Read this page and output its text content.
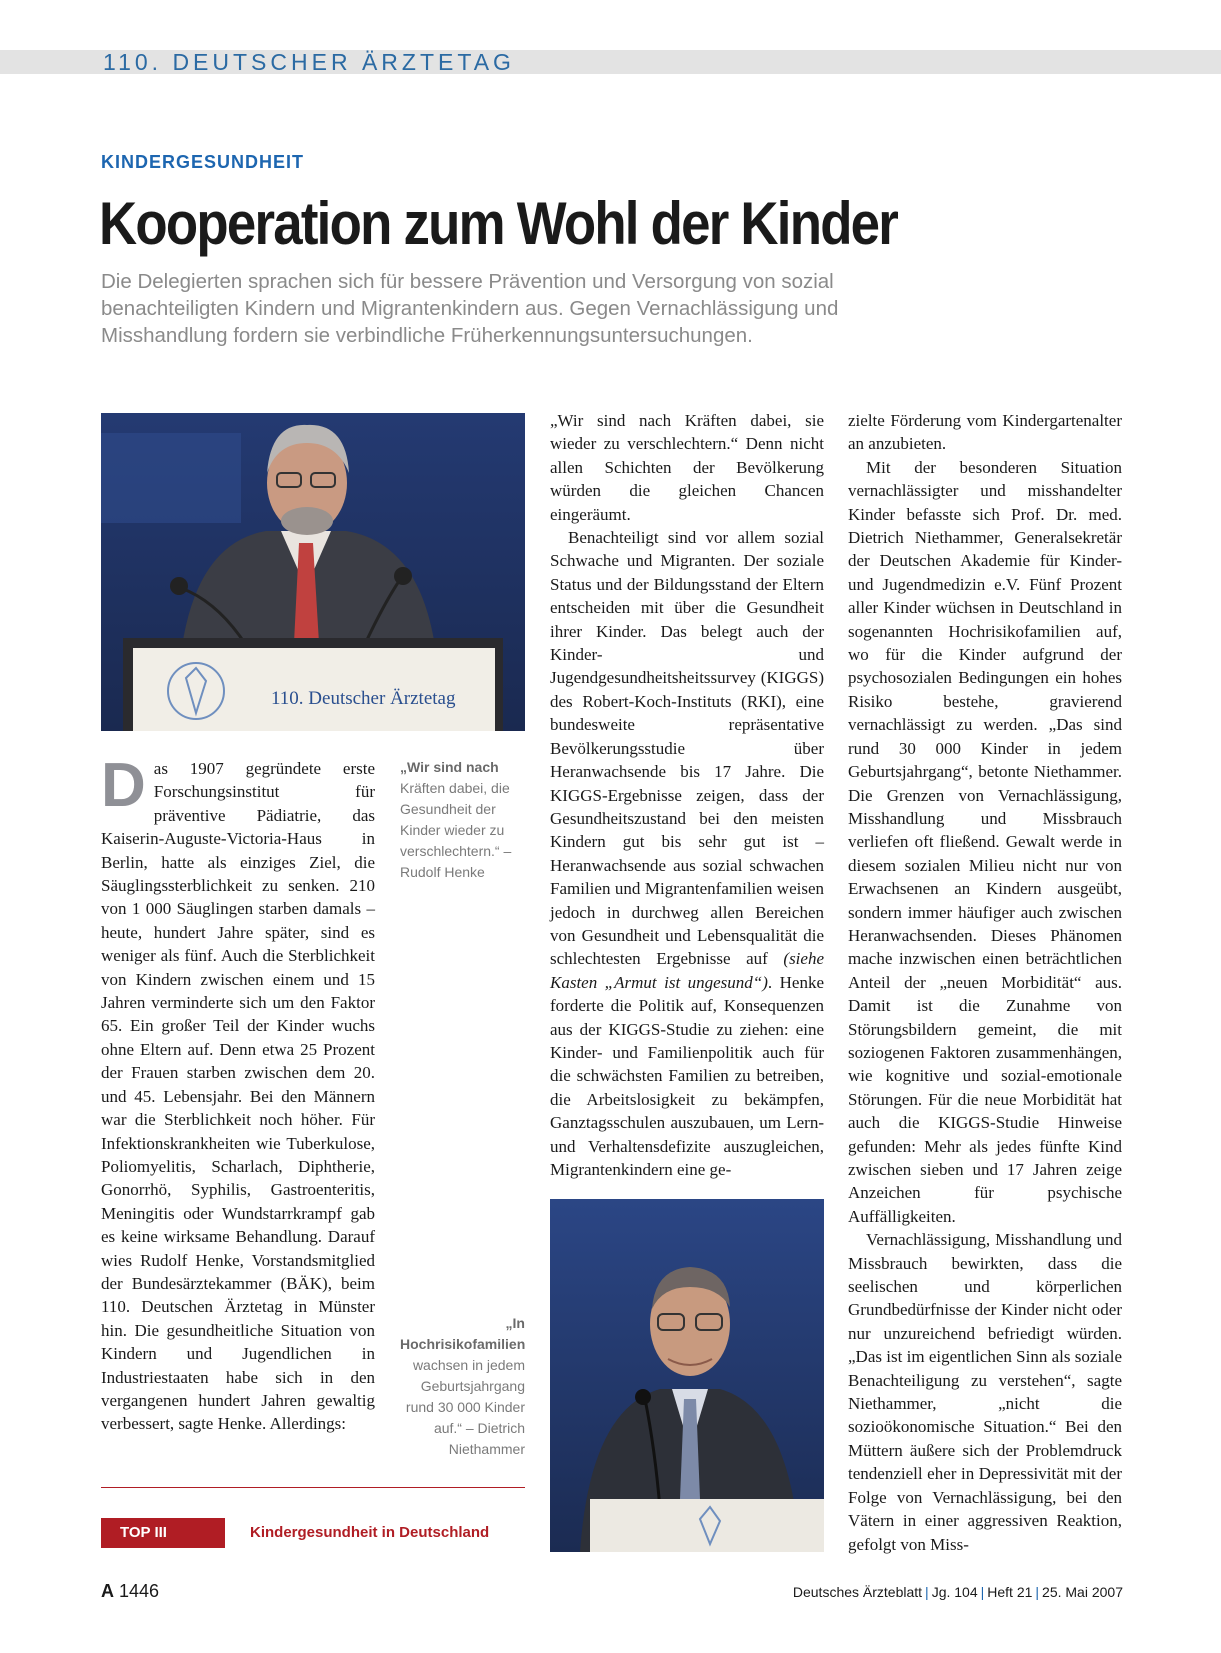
110. DEUTSCHER ÄRZTETAG
KINDERGESUNDHEIT
Kooperation zum Wohl der Kinder
Die Delegierten sprachen sich für bessere Prävention und Versorgung von sozial benachteiligten Kindern und Migrantenkindern aus. Gegen Vernachlässigung und Misshandlung fordern sie verbindliche Früherkennungsuntersuchungen.
110. Deutscher Ärztetag

Das 1907 gegründete erste Forschungsinstitut für präventive Pädiatrie, das Kaiserin-Auguste-Victoria-Haus in Berlin, hatte als einziges Ziel, die Säuglingssterblichkeit zu senken. 210 von 1 000 Säuglingen starben damals – heute, hundert Jahre später, sind es weniger als fünf. Auch die Sterblichkeit von Kindern zwischen einem und 15 Jahren verminderte sich um den Faktor 65. Ein großer Teil der Kinder wuchs ohne Eltern auf. Denn etwa 25 Prozent der Frauen starben zwischen dem 20. und 45. Lebensjahr. Bei den Männern war die Sterblichkeit noch höher. Für Infektionskrankheiten wie Tuberkulose, Poliomyelitis, Scharlach, Diphtherie, Gonorrhö, Syphilis, Gastroenteritis, Meningitis oder Wundstarrkrampf gab es keine wirksame Behandlung. Darauf wies Rudolf Henke, Vorstandsmitglied der Bundesärztekammer (BÄK), beim 110. Deutschen Ärztetag in Münster hin. Die gesundheitliche Situation von Kindern und Jugendlichen in Industriestaaten habe sich in den vergangenen hundert Jahren gewaltig verbessert, sagte Henke. Allerdings:

„Wir sind nach Kräften dabei, die Gesundheit der Kinder wieder zu verschlechtern.“ – Rudolf Henke
„In Hochrisikofamilien wachsen in jedem Geburtsjahrgang rund 30 000 Kinder auf.“ – Dietrich Niethammer

„Wir sind nach Kräften dabei, sie wieder zu verschlechtern.“ Denn nicht allen Schichten der Bevölkerung würden die gleichen Chancen eingeräumt.

Benachteiligt sind vor allem sozial Schwache und Migranten. Der soziale Status und der Bildungsstand der Eltern entscheiden mit über die Gesundheit ihrer Kinder. Das belegt auch der Kinder- und Jugendgesundheitsheitssurvey (KIGGS) des Robert-Koch-Instituts (RKI), eine bundesweite repräsentative Bevölkerungsstudie über Heranwachsende bis 17 Jahre. Die KIGGS-Ergebnisse zeigen, dass der Gesundheitszustand bei den meisten Kindern gut bis sehr gut ist – Heranwachsende aus sozial schwachen Familien und Migrantenfamilien weisen jedoch in durchweg allen Bereichen von Gesundheit und Lebensqualität die schlechtesten Ergebnisse auf (siehe Kasten „Armut ist ungesund“). Henke forderte die Politik auf, Konsequenzen aus der KIGGS-Studie zu ziehen: eine Kinder- und Familienpolitik auch für die schwächsten Familien zu betreiben, die Arbeitslosigkeit zu bekämpfen, Ganztagsschulen auszubauen, um Lern- und Verhaltensdefizite auszugleichen, Migrantenkindern eine ge-

zielte Förderung vom Kindergartenalter an anzubieten.

Mit der besonderen Situation vernachlässigter und misshandelter Kinder befasste sich Prof. Dr. med. Dietrich Niethammer, Generalsekretär der Deutschen Akademie für Kinder- und Jugendmedizin e.V. Fünf Prozent aller Kinder wüchsen in Deutschland in sogenannten Hochrisikofamilien auf, wo für die Kinder aufgrund der psychosozialen Bedingungen ein hohes Risiko bestehe, gravierend vernachlässigt zu werden. „Das sind rund 30 000 Kinder in jedem Geburtsjahrgang“, betonte Niethammer. Die Grenzen von Vernachlässigung, Misshandlung und Missbrauch verliefen oft fließend. Gewalt werde in diesem sozialen Milieu nicht nur von Erwachsenen an Kindern ausgeübt, sondern immer häufiger auch zwischen Heranwachsenden. Dieses Phänomen mache inzwischen einen beträchtlichen Anteil der „neuen Morbidität“ aus. Damit ist die Zunahme von Störungsbildern gemeint, die mit soziogenen Faktoren zusammenhängen, wie kognitive und sozial-emotionale Störungen. Für die neue Morbidität hat auch die KIGGS-Studie Hinweise gefunden: Mehr als jedes fünfte Kind zwischen sieben und 17 Jahren zeige Anzeichen für psychische Auffälligkeiten.

Vernachlässigung, Misshandlung und Missbrauch bewirkten, dass die seelischen und körperlichen Grundbedürfnisse der Kinder nicht oder nur unzureichend befriedigt würden. „Das ist im eigentlichen Sinn als soziale Benachteiligung zu verstehen“, sagte Niethammer, „nicht die sozioökonomische Situation.“ Bei den Müttern äußere sich der Problemdruck tendenziell eher in Depressivität mit der Folge von Vernachlässigung, bei den Vätern in einer aggressiven Reaktion, gefolgt von Miss-

TOP III	Kindergesundheit in Deutschland
A 1446	Deutsches Ärzteblatt | Jg. 104 | Heft 21 | 25. Mai 2007
